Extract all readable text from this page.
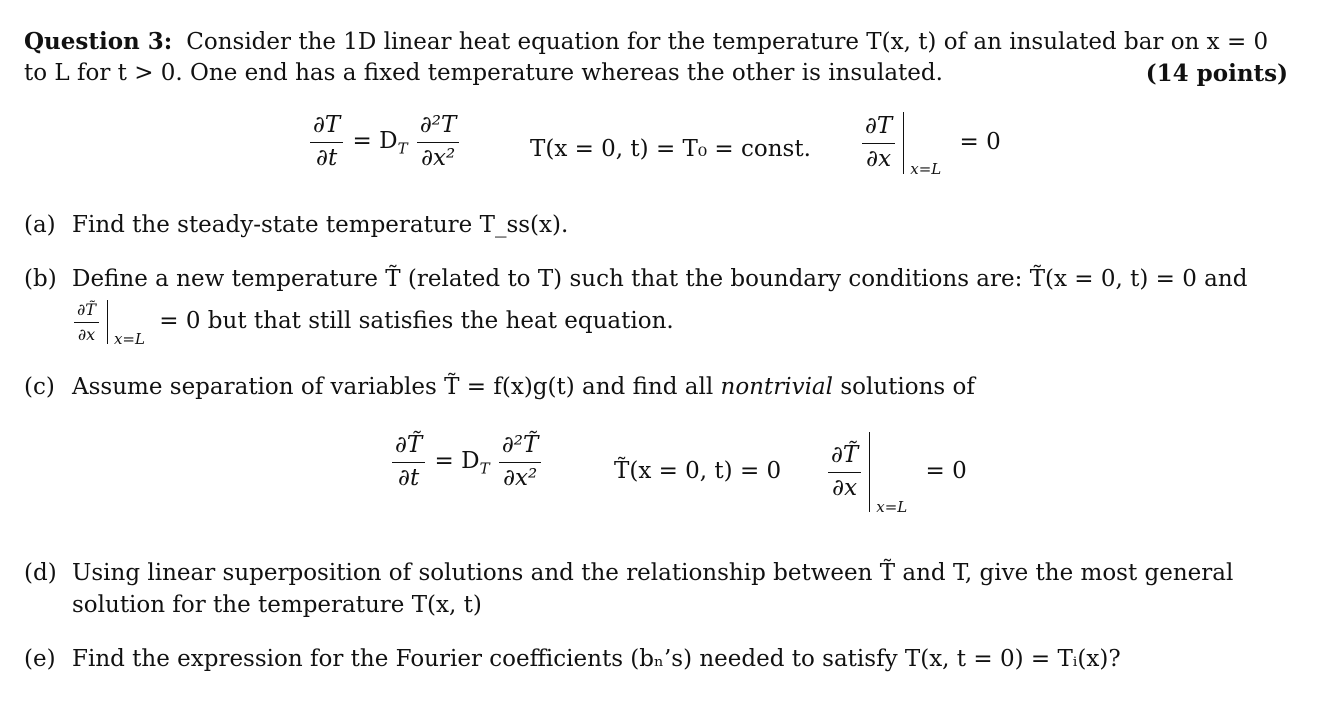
Question 3: Consider the 1D linear heat equation for the temperature T(x, t) of an insulated bar on x = 0
to L for t > 0. One end has a fixed temperature whereas the other is insulated.	(14 points)
$\frac{\partial T}{\partial t} = D_T \frac{\text{∂²T}}{\text{∂x²}}$	T(x = 0, t) = T₀ = const. $\frac{\partial T}{\partial x} x=L$
= 0
(a) Find the steady-state temperature T_ss(x).
(b) Define a new temperature T̃ (related to T) such that the boundary conditions are: T̃(x = 0, t) = 0 and
$\frac{\partial T̃}{\partial x} x=L$
= 0 but that still satisfies the heat equation.
(c) Assume separation of variables T̃ = f(x)g(t) and find all nontrivial solutions of
$\frac{\partial T̃}{\partial t} = D_T \frac{\text{∂²T̃}}{\text{∂x²}}$	T̃(x = 0, $t) = 0 \frac{\partial T̃}{\partial x}$
x=L
= 0
(d) Using linear superposition of solutions and the relationship between T̃ and T, give the most general
solution for the temperature T(x, t)
(e) Find the expression for the Fourier coefficients (bₙ’s) needed to satisfy T(x, t = 0) = Tᵢ(x)?
